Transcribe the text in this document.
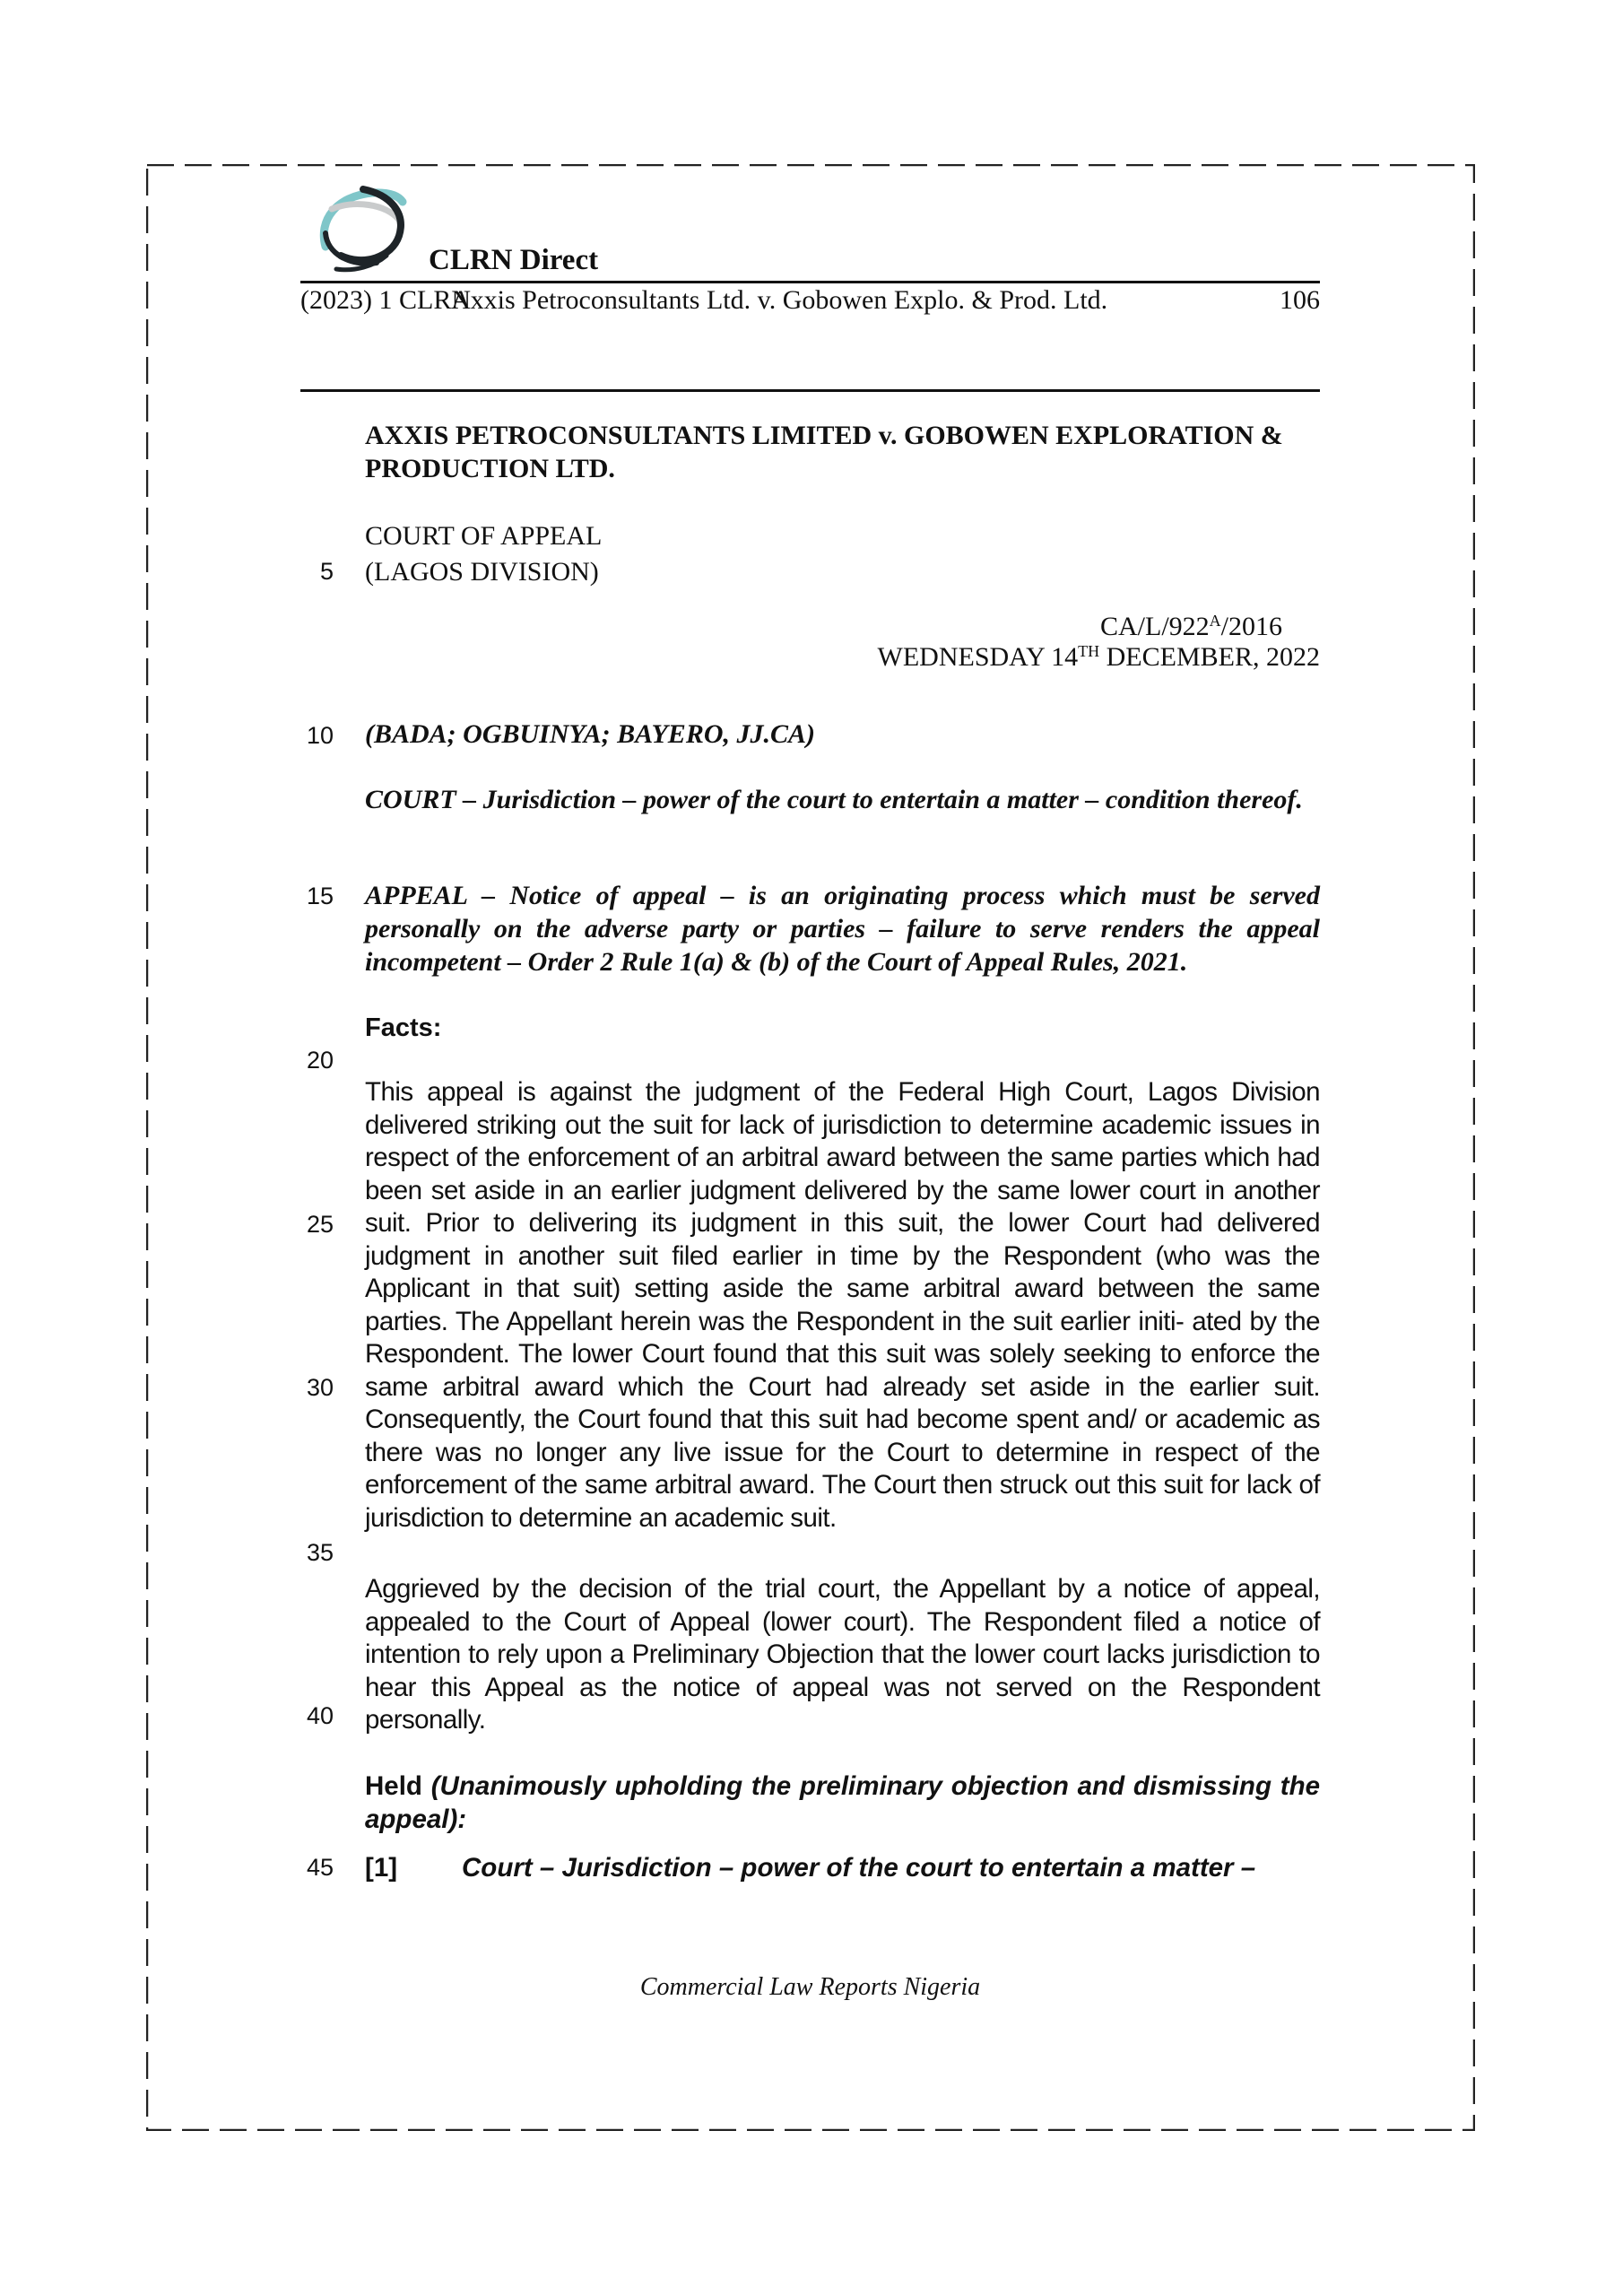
CLRN Direct
(2023) 1 CLRN
Axxis Petroconsultants Ltd. v. Gobowen Explo. & Prod. Ltd.	106
5
10
15
20
25
30
35
40
45
AXXIS PETROCONSULTANTS LIMITED v. GOBOWEN EXPLORATION & PRODUCTION LTD.
COURT OF APPEAL
(LAGOS DIVISION)
$CA/L/922^A/2016$
WEDNESDAY 14TH DECEMBER, 2022
(BADA; OGBUINYA; BAYERO, JJ.CA)
COURT – Jurisdiction – power of the court to entertain a matter – condition thereof.
APPEAL – Notice of appeal – is an originating process which must be served personally on the adverse party or parties – failure to serve renders the appeal incompetent – Order 2 Rule 1(a) & (b) of the Court of Appeal Rules, 2021.
Facts:
This appeal is against the judgment of the Federal High Court, Lagos Division delivered striking out the suit for lack of jurisdiction to determine academic issues in respect of the enforcement of an arbitral award between the same parties which had been set aside in an earlier judgment delivered by the same lower court in another suit. Prior to delivering its judgment in this suit, the lower Court had delivered judgment in another suit filed earlier in time by the Respondent (who was the Applicant in that suit) setting aside the same arbitral award between the same parties. The Appellant herein was the Respondent in the suit earlier initi- ated by the Respondent. The lower Court found that this suit was solely seeking to enforce the same arbitral award which the Court had already set aside in the earlier suit. Consequently, the Court found that this suit had become spent and/ or academic as there was no longer any live issue for the Court to determine in respect of the enforcement of the same arbitral award. The Court then struck out this suit for lack of jurisdiction to determine an academic suit.
Aggrieved by the decision of the trial court, the Appellant by a notice of appeal, appealed to the Court of Appeal (lower court). The Respondent filed a notice of intention to rely upon a Preliminary Objection that the lower court lacks jurisdiction to hear this Appeal as the notice of appeal was not served on the Respondent personally.
Held (Unanimously upholding the preliminary objection and dismissing the appeal):
[1] Court – Jurisdiction – power of the court to entertain a matter –
Commercial Law Reports Nigeria
